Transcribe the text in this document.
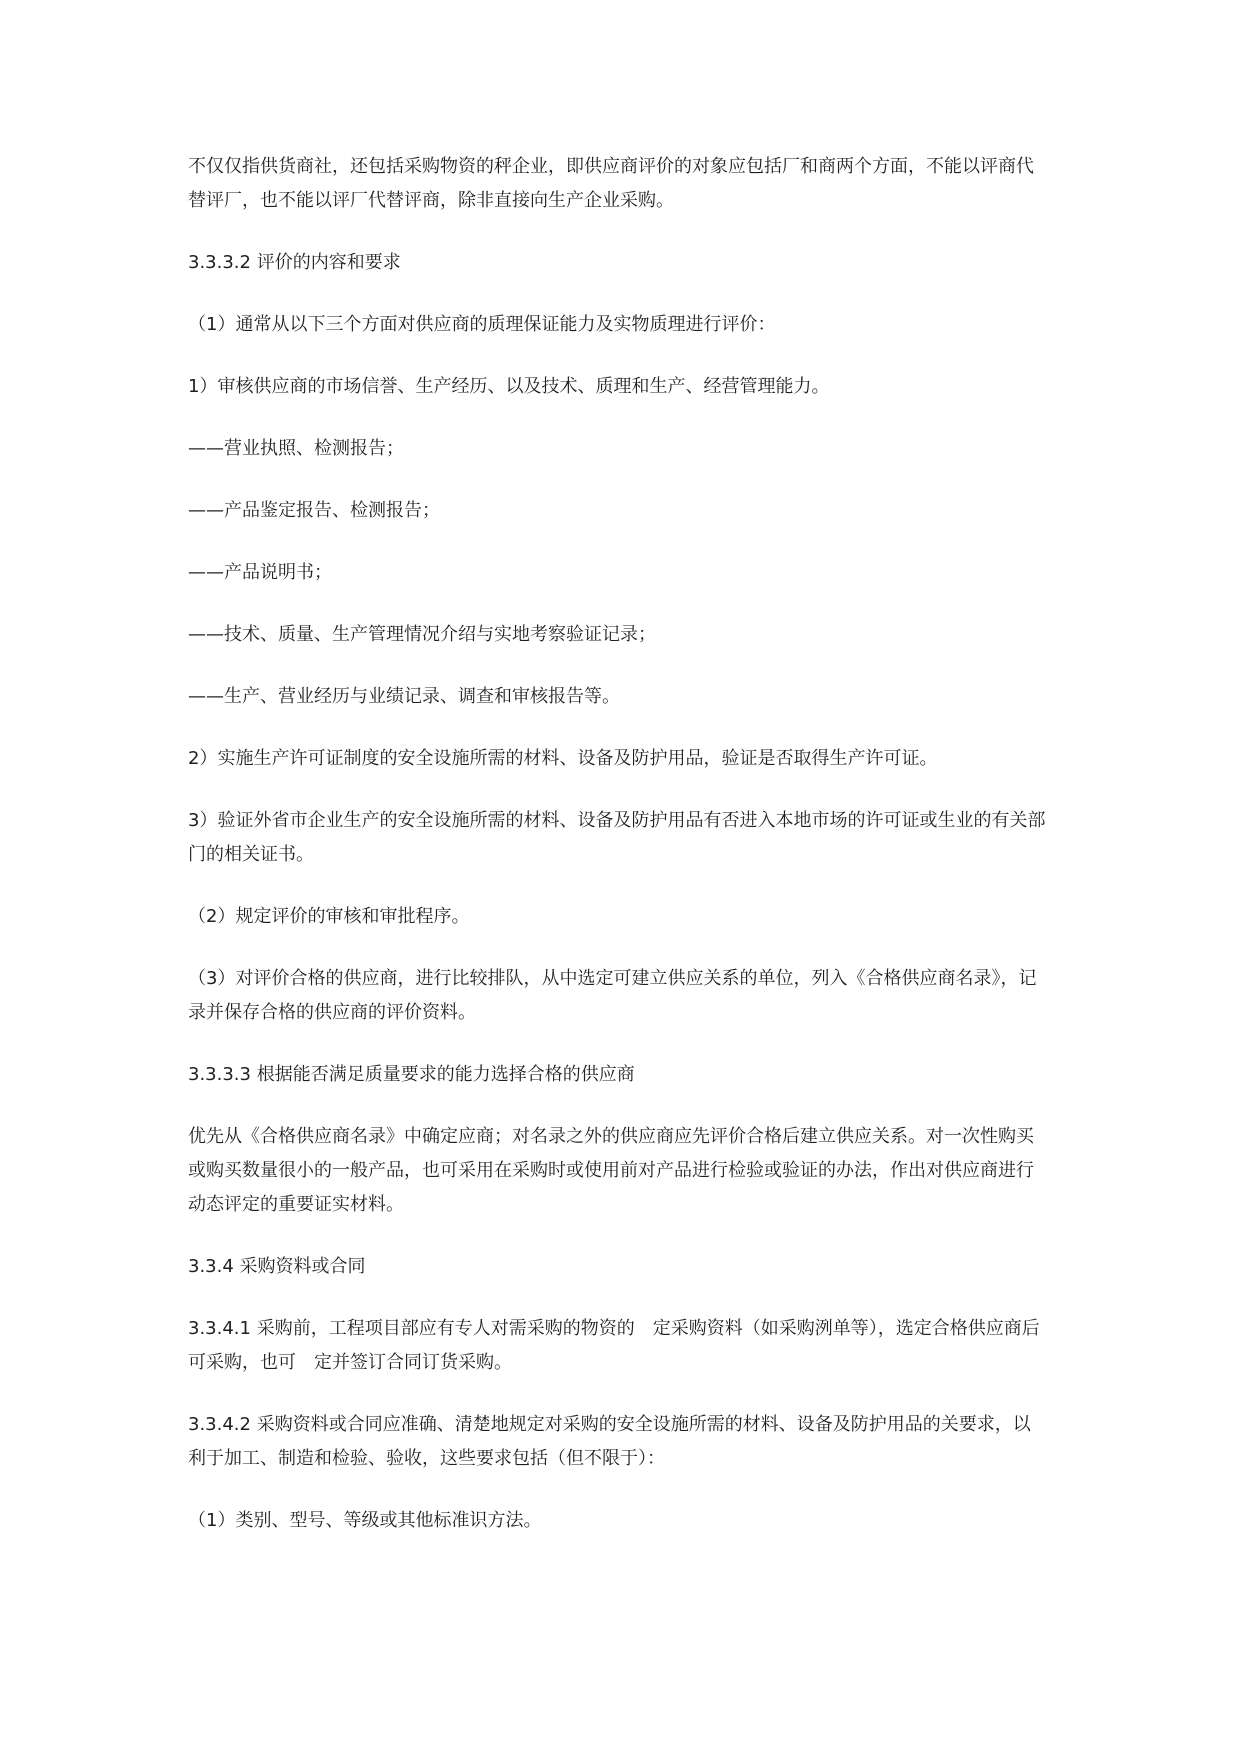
不仅仅指供货商社，还包括采购物资的秤企业，即供应商评价的对象应包括厂和商两个方面，不能以评商代替评厂，也不能以评厂代替评商，除非直接向生产企业采购。

3.3.3.2 评价的内容和要求

（1）通常从以下三个方面对供应商的质理保证能力及实物质理进行评价：

1）审核供应商的市场信誉、生产经历、以及技术、质理和生产、经营管理能力。

——营业执照、检测报告；

——产品鉴定报告、检测报告；

——产品说明书；

——技术、质量、生产管理情况介绍与实地考察验证记录；

——生产、营业经历与业绩记录、调查和审核报告等。

2）实施生产许可证制度的安全设施所需的材料、设备及防护用品，验证是否取得生产许可证。

3）验证外省市企业生产的安全设施所需的材料、设备及防护用品有否进入本地市场的许可证或生业的有关部门的相关证书。

（2）规定评价的审核和审批程序。

（3）对评价合格的供应商，进行比较排队，从中选定可建立供应关系的单位，列入《合格供应商名录》，记录并保存合格的供应商的评价资料。

3.3.3.3 根据能否满足质量要求的能力选择合格的供应商

优先从《合格供应商名录》中确定应商；对名录之外的供应商应先评价合格后建立供应关系。对一次性购买或购买数量很小的一般产品，也可采用在采购时或使用前对产品进行检验或验证的办法，作出对供应商进行动态评定的重要证实材料。

3.3.4 采购资料或合同

3.3.4.1 采购前，工程项目部应有专人对需采购的物资的　定采购资料（如采购洌单等），选定合格供应商后可采购，也可　定并签订合同订货采购。

3.3.4.2 采购资料或合同应准确、清楚地规定对采购的安全设施所需的材料、设备及防护用品的关要求，以利于加工、制造和检验、验收，这些要求包括（但不限于）：

（1）类别、型号、等级或其他标准识方法。
